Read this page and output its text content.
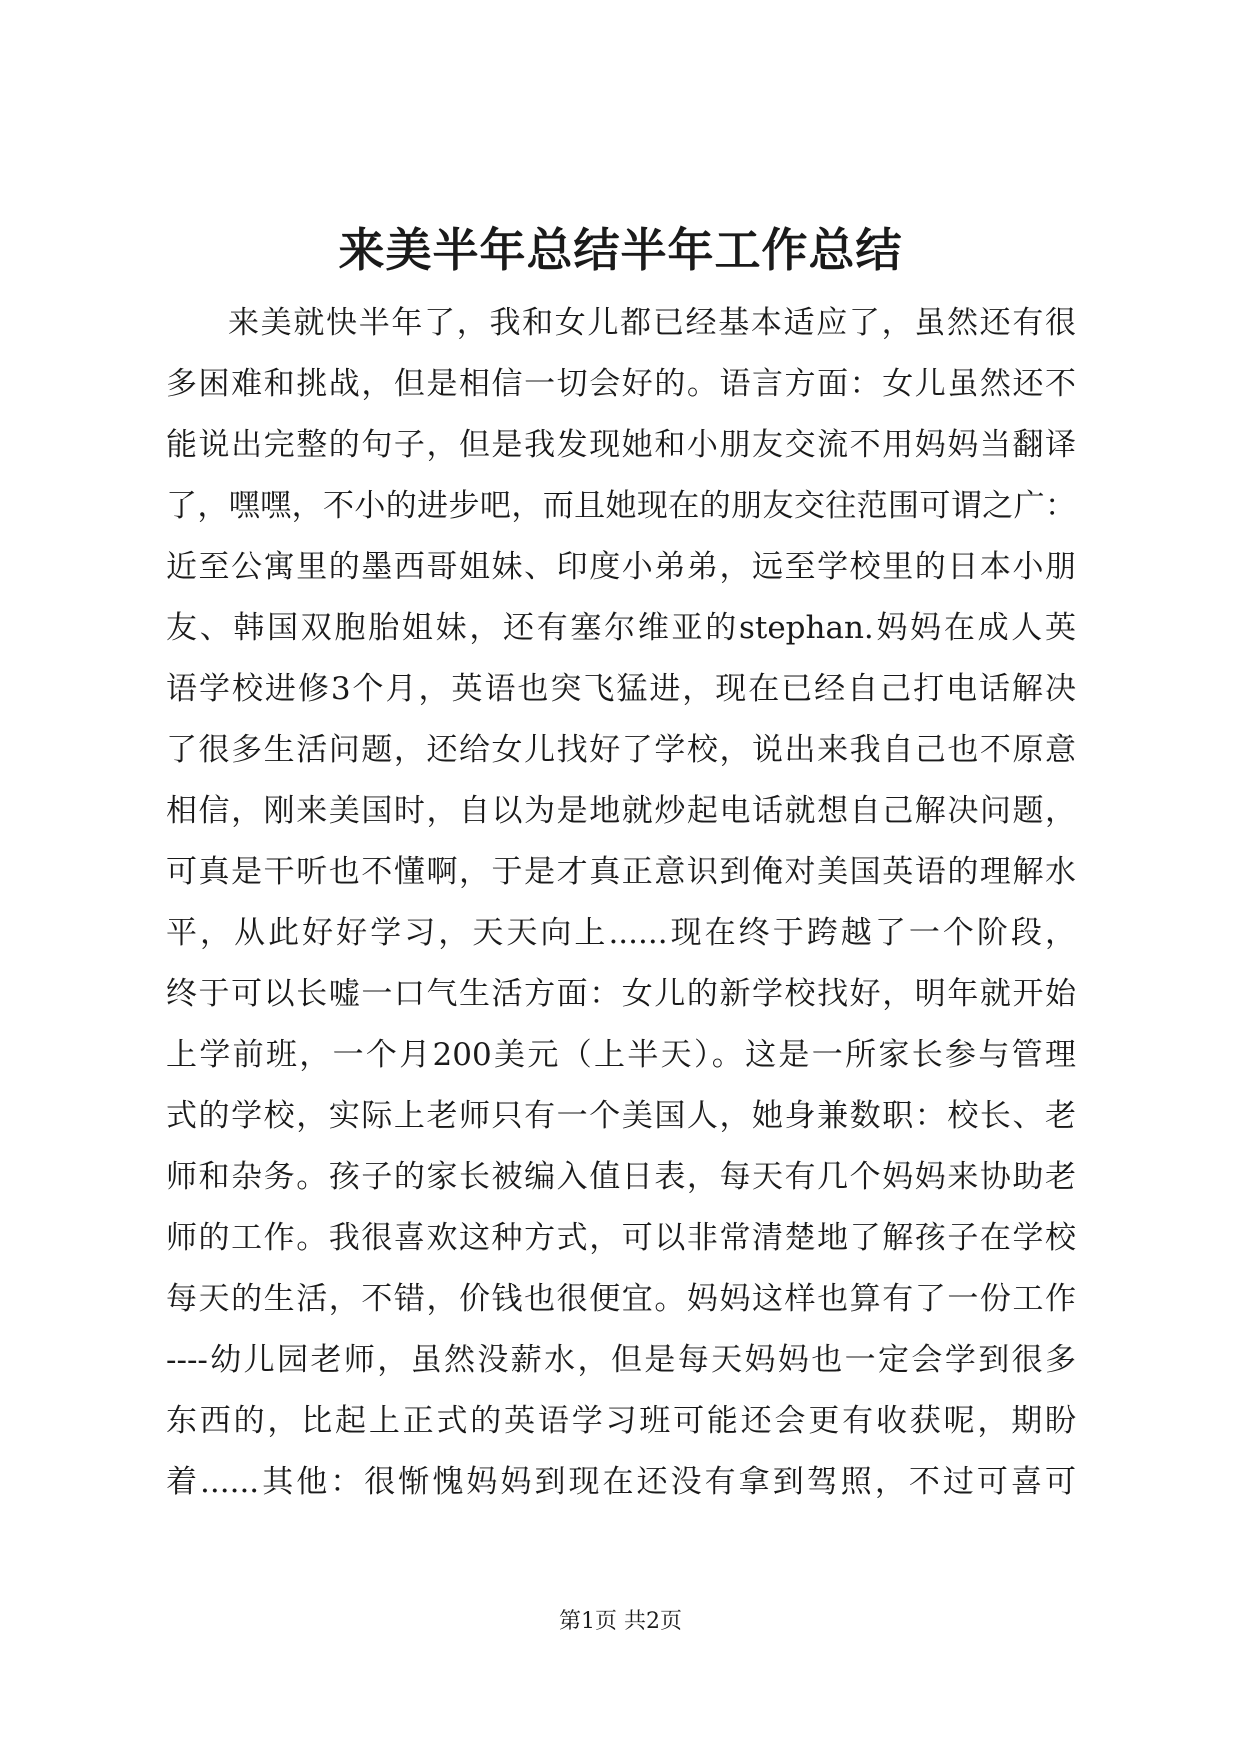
来美半年总结半年工作总结
来美就快半年了，我和女儿都已经基本适应了，虽然还有很
多困难和挑战，但是相信一切会好的。语言方面：女儿虽然还不
能说出完整的句子，但是我发现她和小朋友交流不用妈妈当翻译
了，嘿嘿，不小的进步吧，而且她现在的朋友交往范围可谓之广：
近至公寓里的墨西哥姐妹、印度小弟弟，远至学校里的日本小朋
友、韩国双胞胎姐妹，还有塞尔维亚的stephan.妈妈在成人英
语学校进修3个月，英语也突飞猛进，现在已经自己打电话解决
了很多生活问题，还给女儿找好了学校，说出来我自己也不原意
相信，刚来美国时，自以为是地就炒起电话就想自己解决问题，
可真是干听也不懂啊，于是才真正意识到俺对美国英语的理解水
平，从此好好学习，天天向上......现在终于跨越了一个阶段，
终于可以长嘘一口气生活方面：女儿的新学校找好，明年就开始
上学前班，一个月200美元（上半天）。这是一所家长参与管理
式的学校，实际上老师只有一个美国人，她身兼数职：校长、老
师和杂务。孩子的家长被编入值日表，每天有几个妈妈来协助老
师的工作。我很喜欢这种方式，可以非常清楚地了解孩子在学校
每天的生活，不错，价钱也很便宜。妈妈这样也算有了一份工作
----幼儿园老师，虽然没薪水，但是每天妈妈也一定会学到很多
东西的，比起上正式的英语学习班可能还会更有收获呢，期盼
着......其他：很惭愧妈妈到现在还没有拿到驾照，不过可喜可
第1页 共2页
